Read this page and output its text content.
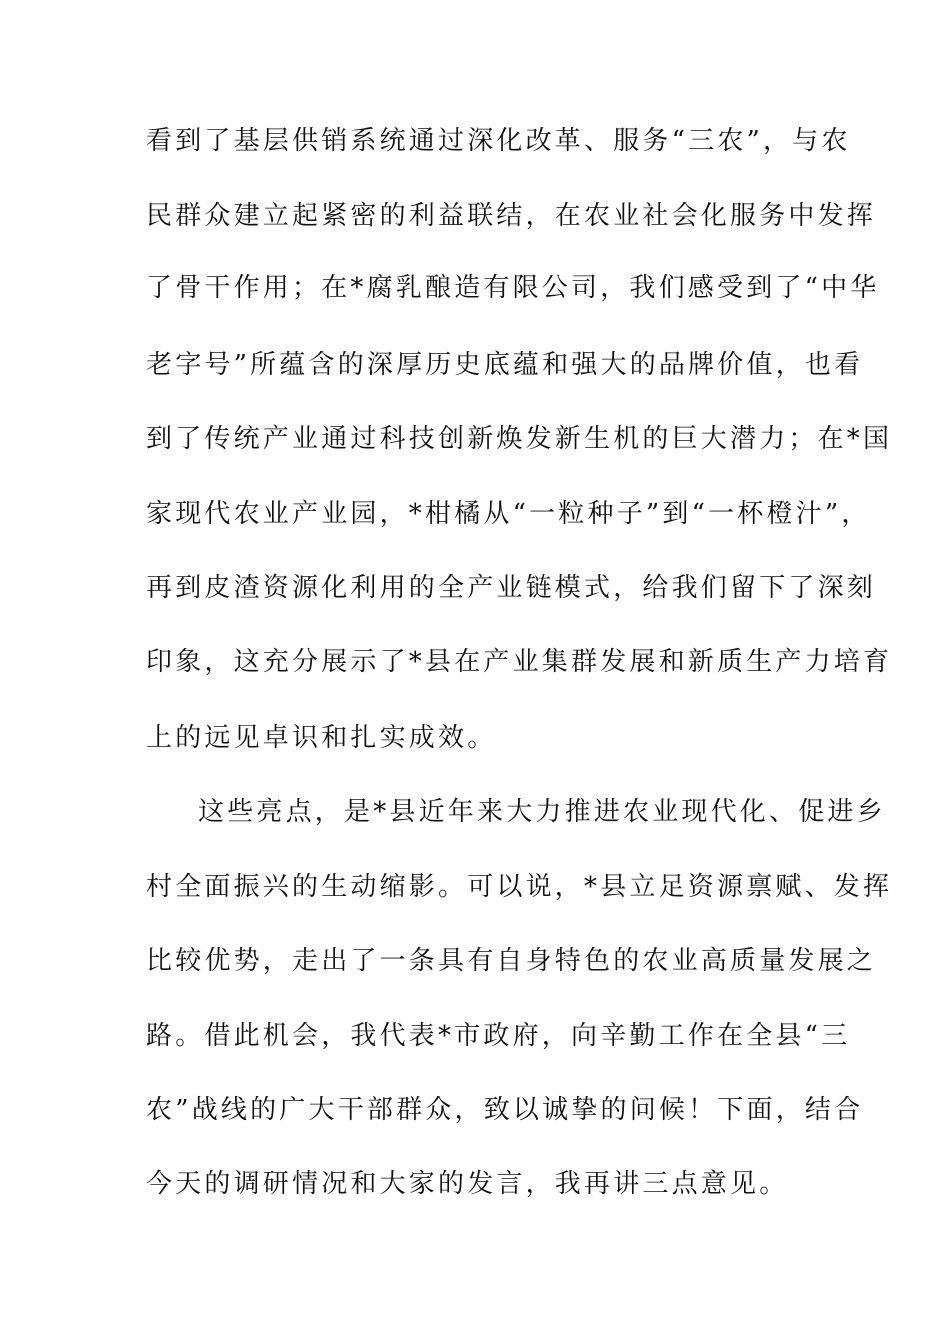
看到了基层供销系统通过深化改革、服务“三农”，与农
民群众建立起紧密的利益联结，在农业社会化服务中发挥
了骨干作用；在*腐乳酿造有限公司，我们感受到了“中华
老字号”所蕴含的深厚历史底蕴和强大的品牌价值，也看
到了传统产业通过科技创新焕发新生机的巨大潜力；在*国
家现代农业产业园，*柑橘从“一粒种子”到“一杯橙汁”，
再到皮渣资源化利用的全产业链模式，给我们留下了深刻
印象，这充分展示了*县在产业集群发展和新质生产力培育
上的远见卓识和扎实成效。
这些亮点，是*县近年来大力推进农业现代化、促进乡
村全面振兴的生动缩影。可以说，*县立足资源禀赋、发挥
比较优势，走出了一条具有自身特色的农业高质量发展之
路。借此机会，我代表*市政府，向辛勤工作在全县“三
农”战线的广大干部群众，致以诚挚的问候！下面，结合
今天的调研情况和大家的发言，我再讲三点意见。
